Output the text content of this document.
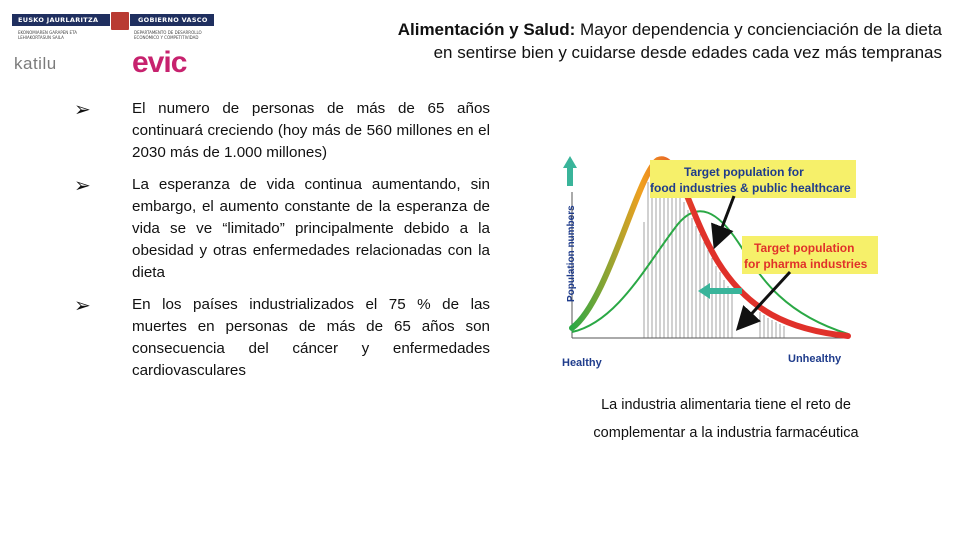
EUSKO JAURLARITZA	GOBIERNO VASCO
EKONOMIAREN GARAPEN ETA LEHIAKORTASUN SAILA
DEPARTAMENTO DE DESARROLLO ECONÓMICO Y COMPETITIVIDAD
katilu	evic
Alimentación y Salud: Mayor dependencia y concienciación de la dieta
en sentirse bien y cuidarse desde edades cada vez más tempranas
➢	El numero de personas de más de 65 años continuará creciendo (hoy más de 560 millones en el 2030 más de 1.000 millones)
➢	La esperanza de vida continua aumentando, sin embargo, el aumento constante de la esperanza de vida se ve “limitado” principalmente debido a la obesidad y otras enfermedades relacionadas con la dieta
➢	En los países industrializados el 75 % de las muertes en personas de más de 65 años son consecuencia del cáncer y enfermedades cardiovasculares
Target population for
food industries & public healthcare
Target population
for pharma industries
Population numbers
Healthy	Unhealthy
La industria alimentaria tiene el reto de
complementar a la industria farmacéutica
